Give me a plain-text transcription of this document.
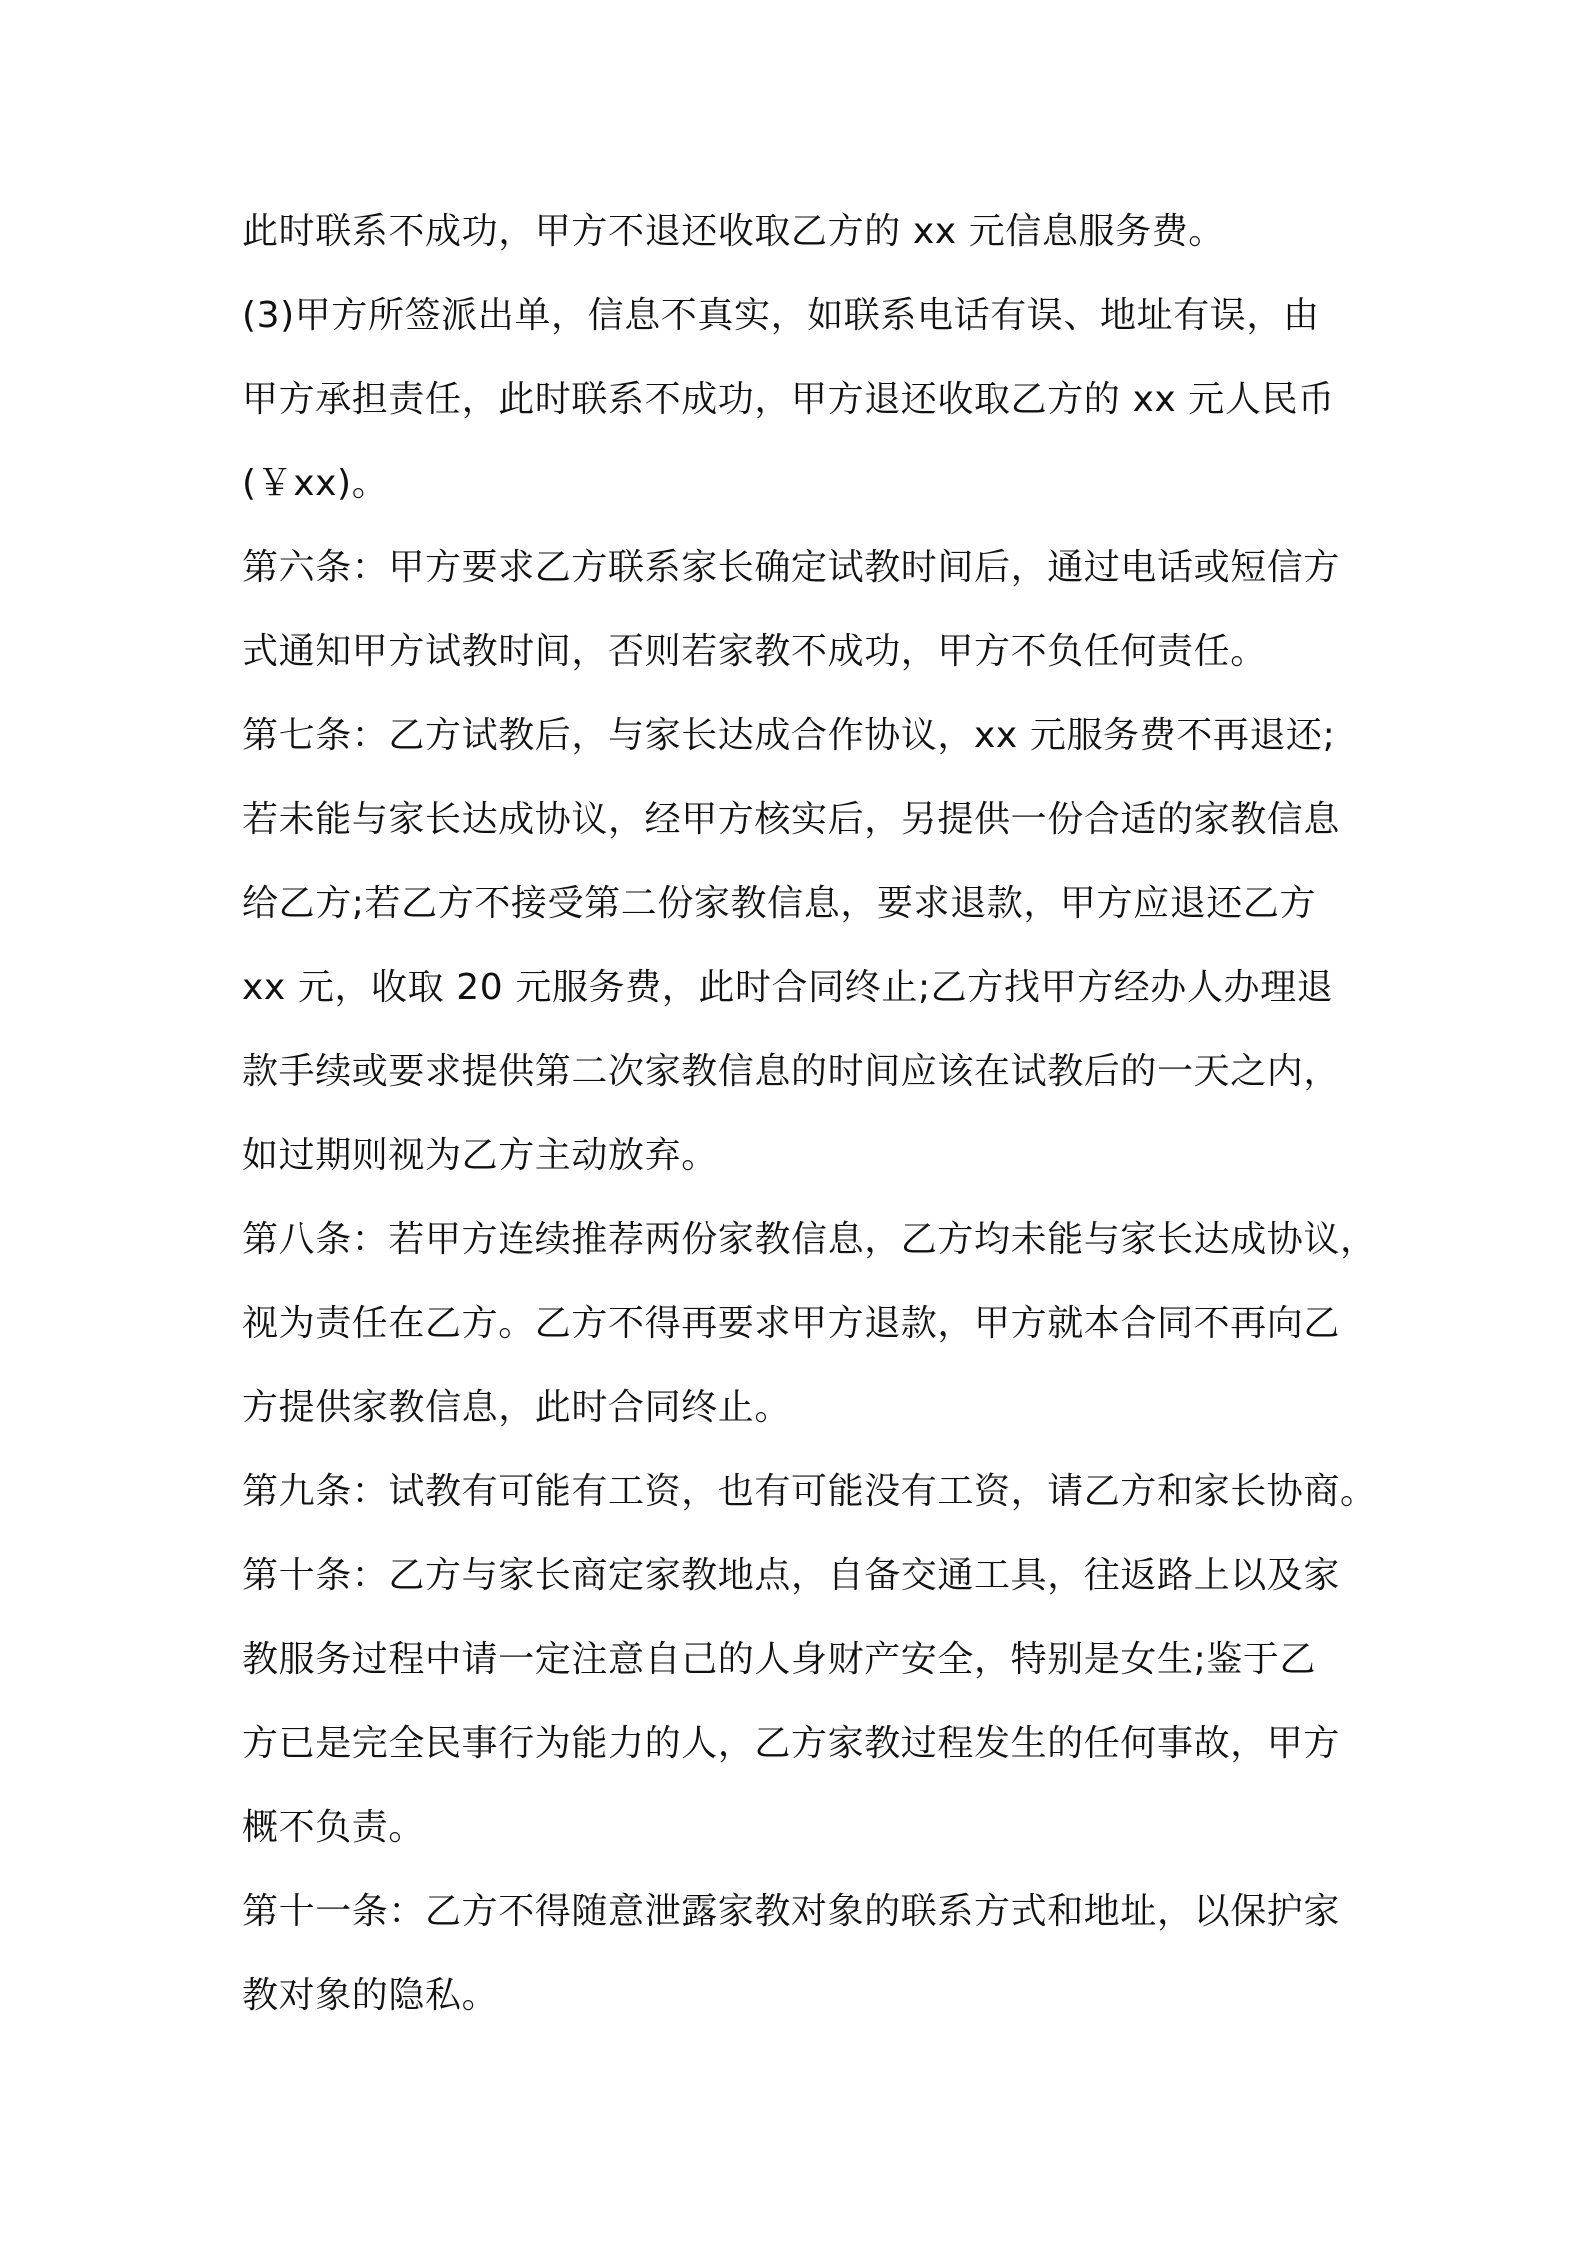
此时联系不成功，甲方不退还收取乙方的 xx 元信息服务费。
(3)甲方所签派出单，信息不真实，如联系电话有误、地址有误，由
甲方承担责任，此时联系不成功，甲方退还收取乙方的 xx 元人民币
(￥xx)。
第六条：甲方要求乙方联系家长确定试教时间后，通过电话或短信方
式通知甲方试教时间，否则若家教不成功，甲方不负任何责任。
第七条：乙方试教后，与家长达成合作协议，xx 元服务费不再退还;
若未能与家长达成协议，经甲方核实后，另提供一份合适的家教信息
给乙方;若乙方不接受第二份家教信息，要求退款，甲方应退还乙方
xx 元，收取 20 元服务费，此时合同终止;乙方找甲方经办人办理退
款手续或要求提供第二次家教信息的时间应该在试教后的一天之内，
如过期则视为乙方主动放弃。
第八条：若甲方连续推荐两份家教信息，乙方均未能与家长达成协议，
视为责任在乙方。乙方不得再要求甲方退款，甲方就本合同不再向乙
方提供家教信息，此时合同终止。
第九条：试教有可能有工资，也有可能没有工资，请乙方和家长协商。
第十条：乙方与家长商定家教地点，自备交通工具，往返路上以及家
教服务过程中请一定注意自己的人身财产安全，特别是女生;鉴于乙
方已是完全民事行为能力的人，乙方家教过程发生的任何事故，甲方
概不负责。
第十一条：乙方不得随意泄露家教对象的联系方式和地址，以保护家
教对象的隐私。
